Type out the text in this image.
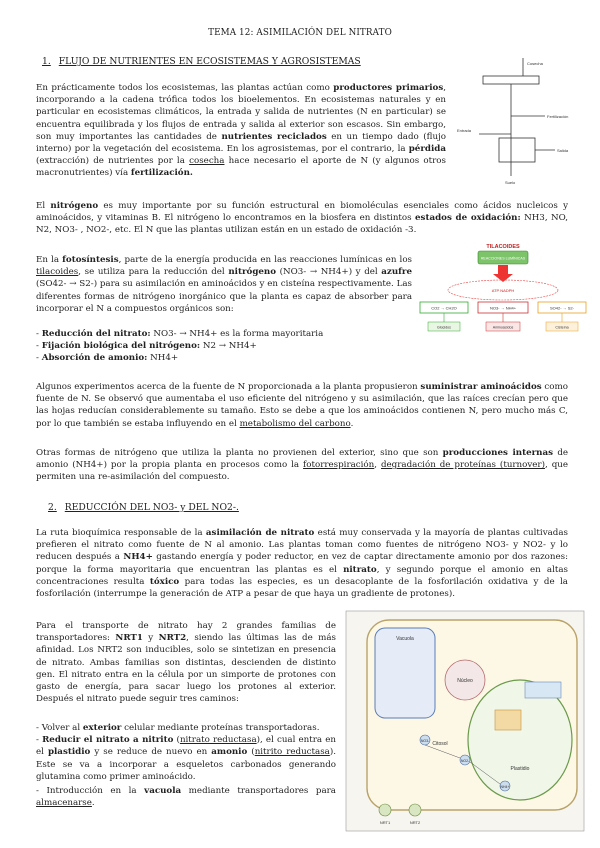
TEMA 12: ASIMILACIÓN DEL NITRATO
1. FLUJO DE NUTRIENTES EN ECOSISTEMAS Y AGROSISTEMAS

En prácticamente todos los ecosistemas, las plantas actúan como productores primarios, incorporando a la cadena trófica todos los bioelementos. En ecosistemas naturales y en particular en ecosistemas climáticos, la entrada y salida de nutrientes (N en particular) se encuentra equilibrada y los flujos de entrada y salida al exterior son escasos. Sin embargo, son muy importantes las cantidades de nutrientes reciclados en un tiempo dado (flujo interno) por la vegetación del ecosistema. En los agrosistemas, por el contrario, la pérdida (extracción) de nutrientes por la cosecha hace necesario el aporte de N (y algunos otros macronutrientes) vía fertilización.

Cosecha
Fertilización
Entrada
Salida
Suelo

El nitrógeno es muy importante por su función estructural en biomoléculas esenciales como ácidos nucleicos y aminoácidos, y vitaminas B. El nitrógeno lo encontramos en la biosfera en distintos estados de oxidación: NH3, NO, N2, NO3- , NO2-, etc. El N que las plantas utilizan están en un estado de oxidación -3.

En la fotosíntesis, parte de la energía producida en las reacciones lumínicas en los tilacoides, se utiliza para la reducción del nitrógeno (NO3- → NH4+) y del azufre (SO42- → S2-) para su asimilación en aminoácidos y en cisteína respectivamente. Las diferentes formas de nitrógeno inorgánico que la planta es capaz de absorber para incorporar el N a compuestos orgánicos son:

- Reducción del nitrato: NO3- → NH4+ es la forma mayoritaria

- Fijación biológica del nitrógeno: N2 → NH4+

- Absorción de amonio: NH4+

TILACOIDES
REACCIONES LUMÍNICAS
ATP NADPH
CO2 → CH2O	NO3- → NH4+	SO42- → S2-
Glúcidos	Aminoácidos	Cisteína

Algunos experimentos acerca de la fuente de N proporcionada a la planta propusieron suministrar aminoácidos como fuente de N. Se observó que aumentaba el uso eficiente del nitrógeno y su asimilación, que las raíces crecían pero que las hojas reducían considerablemente su tamaño. Esto se debe a que los aminoácidos contienen N, pero mucho más C, por lo que también se estaba influyendo en el metabolismo del carbono.

Otras formas de nitrógeno que utiliza la planta no provienen del exterior, sino que son producciones internas de amonio (NH4+) por la propia planta en procesos como la fotorrespiración, degradación de proteínas (turnover), que permiten una re-asimilación del compuesto.

2. REDUCCIÓN DEL NO3- y DEL NO2-.

La ruta bioquímica responsable de la asimilación de nitrato está muy conservada y la mayoría de plantas cultivadas prefieren el nitrato como fuente de N al amonio. Las plantas toman como fuentes de nitrógeno NO3- y NO2- y lo reducen después a NH4+ gastando energía y poder reductor, en vez de captar directamente amonio por dos razones: porque la forma mayoritaria que encuentran las plantas es el nitrato, y segundo porque el amonio en altas concentraciones resulta tóxico para todas las especies, es un desacoplante de la fosforilación oxidativa y de la fosforilación (interrumpe la generación de ATP a pesar de que haya un gradiente de protones).

Para el transporte de nitrato hay 2 grandes familias de transportadores: NRT1 y NRT2, siendo las últimas las de más afinidad. Los NRT2 son inducibles, solo se sintetizan en presencia de nitrato. Ambas familias son distintas, descienden de distinto gen. El nitrato entra en la célula por un simporte de protones con gasto de energía, para sacar luego los protones al exterior. Después el nitrato puede seguir tres caminos:

- Volver al exterior celular mediante proteínas transportadoras.

- Reducir el nitrato a nitrito (nitrato reductasa), el cual entra en el plastidio y se reduce de nuevo en amonio (nitrito reductasa). Este se va a incorporar a esqueletos carbonados generando glutamina como primer aminoácido.

- Introducción en la vacuola mediante transportadores para almacenarse.

Vacuola
Plastidio
Núcleo
Citosol
NO3-
NO2-
NH4+
NRT1	NRT2
